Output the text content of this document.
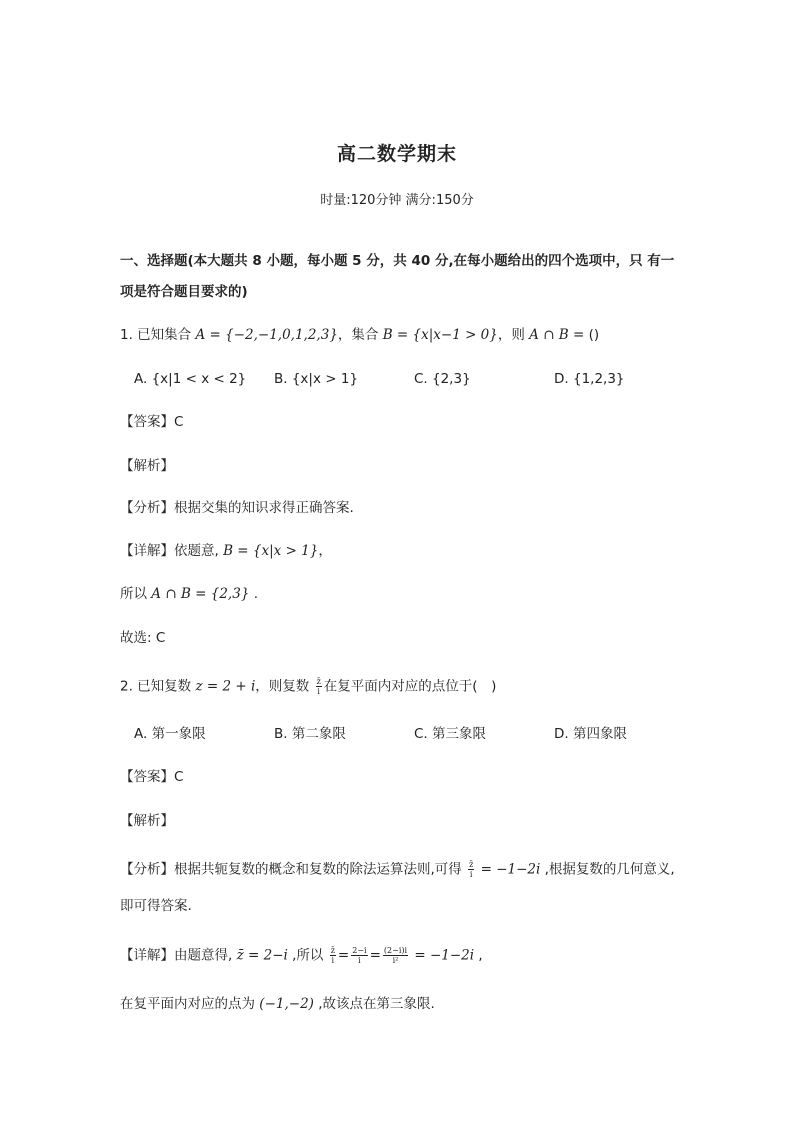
高二数学期末
时量:120分钟 满分:150分
一、选择题(本大题共 8 小题，每小题 5 分，共 40 分,在每小题给出的四个选项中，只 有一
项是符合题目要求的)
1. 已知集合 A = {−2,−1,0,1,2,3}，集合 B = {x|x−1 > 0}，则 A ∩ B = ()
A. {x|1 < x < 2} B. {x|x > 1}	C. {2,3}	D. {1,2,3}
【答案】C
【解析】
【分析】根据交集的知识求得正确答案.
【详解】依题意, B = {x|x > 1}，
所以 A ∩ B = {2,3} .
故选: C
2. 已知复数 z = 2 + i，则复数 $\frac{z̄}{i}$ 在复平面内对应的点位于(　)
A. 第一象限	B. 第二象限	C. 第三象限	D. 第四象限
【答案】C
【解析】
【分析】根据共轭复数的概念和复数的除法运算法则,可得 $\frac{z̄}{i} = -1-2i$ ,根据复数的几何意义,
即可得答案.
【详解】由题意得, z̄ = 2−i ,所以 $\frac{z̄}{i} = \frac{2-i}{i} = \frac{(2-i)i}{\text{i²}} = -1-2i$ ,
在复平面内对应的点为 (−1,−2) ,故该点在第三象限.
